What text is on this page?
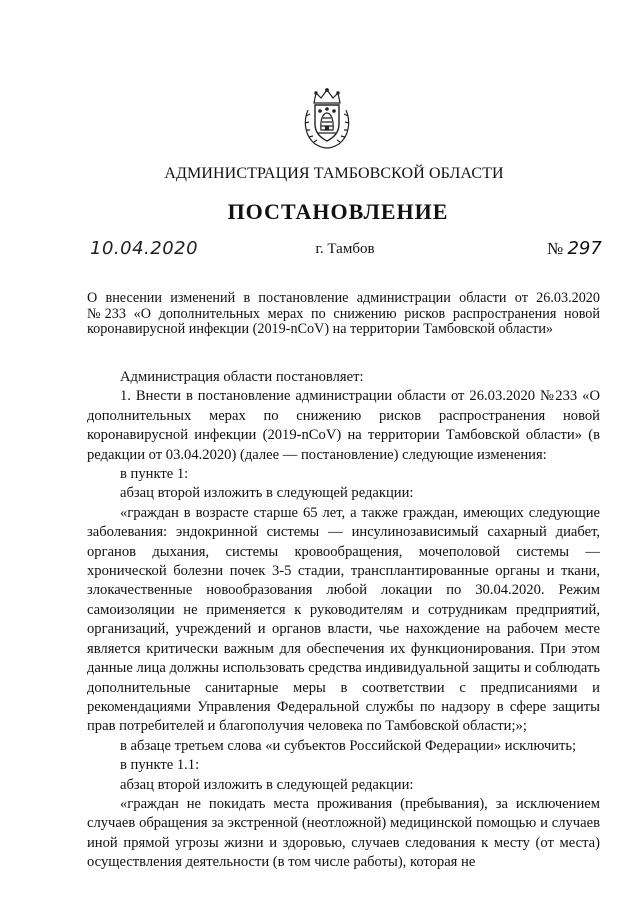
АДМИНИСТРАЦИЯ ТАМБОВСКОЙ ОБЛАСТИ
ПОСТАНОВЛЕНИЕ
10.04.2020	г. Тамбов	№ 297
О внесении изменений в постановление администрации области от 26.03.2020 №233 «О дополнительных мерах по снижению рисков распространения новой коронавирусной инфекции (2019-nCoV) на территории Тамбовской области»

Администрация области постановляет:

1. Внести в постановление администрации области от 26.03.2020 №233 «О дополнительных мерах по снижению рисков распространения новой коронавирусной инфекции (2019-nCoV) на территории Тамбовской области» (в редакции от 03.04.2020) (далее — постановление) следующие изменения:

в пункте 1:

абзац второй изложить в следующей редакции:

«граждан в возрасте старше 65 лет, а также граждан, имеющих следующие заболевания: эндокринной системы — инсулинозависимый сахарный диабет, органов дыхания, системы кровообращения, мочеполовой системы — хронической болезни почек 3-5 стадии, трансплантированные органы и ткани, злокачественные новообразования любой локации по 30.04.2020. Режим самоизоляции не применяется к руководителям и сотрудникам предприятий, организаций, учреждений и органов власти, чье нахождение на рабочем месте является критически важным для обеспечения их функционирования. При этом данные лица должны использовать средства индивидуальной защиты и соблюдать дополнительные санитарные меры в соответствии с предписаниями и рекомендациями Управления Федеральной службы по надзору в сфере защиты прав потребителей и благополучия человека по Тамбовской области;»;

в абзаце третьем слова «и субъектов Российской Федерации» исключить;

в пункте 1.1:

абзац второй изложить в следующей редакции:

«граждан не покидать места проживания (пребывания), за исключением случаев обращения за экстренной (неотложной) медицинской помощью и случаев иной прямой угрозы жизни и здоровью, случаев следования к месту (от места) осуществления деятельности (в том числе работы), которая не
